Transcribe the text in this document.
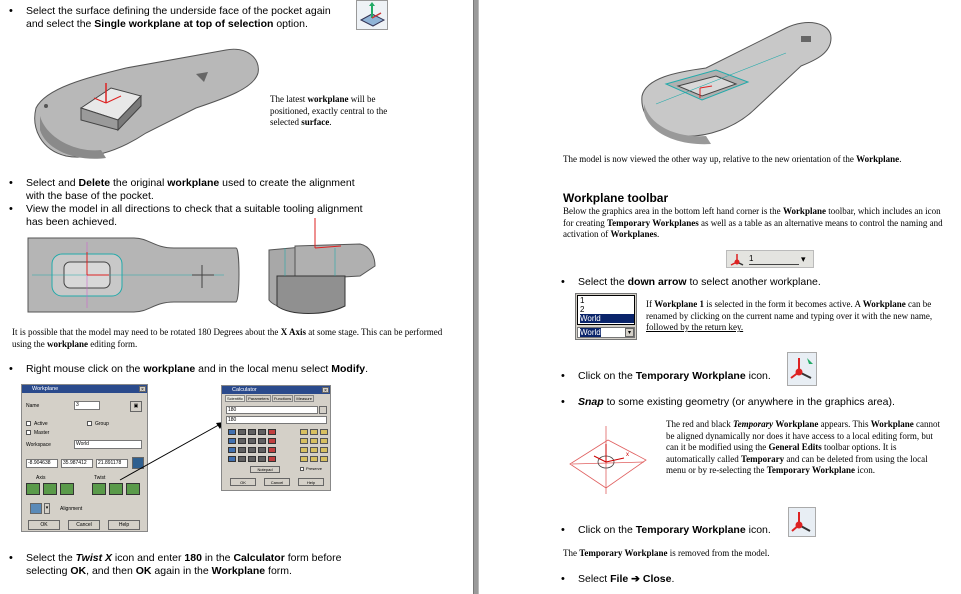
• Select the surface defining the underside face of the pocket again
and select the Single workplane at top of selection option.
The latest workplane will be positioned, exactly central to the selected surface.
• Select and Delete the original workplane used to create the alignment
with the base of the pocket.
• View the model in all directions to check that a suitable tooling alignment
has been achieved.
It is possible that the model may need to be rotated 180 Degrees about the X Axis at some stage. This can be performed using the workplane editing form.
• Right mouse click on the workplane and in the local menu select Modify.
Workplane	×
Name	3	▣
Active	Group
Master
Workspace	World
-8.904638	35.987412	21.891178
Axis	Twist
▾	Alignment
OK	Cancel	Help
Calculator	×
Scientific Parameters Functions Measure
180
180
Notepad	Preserve
OK	Cancel	Help
• Select the Twist X icon and enter 180 in the Calculator form before
selecting OK, and then OK again in the Workplane form.
The model is now viewed the other way up, relative to the new orientation of the Workplane.
Workplane toolbar
Below the graphics area in the bottom left hand corner is the Workplane toolbar, which includes an icon for creating Temporary Workplanes as well as a table as an alternative means to control the naming and activation of Workplanes.
1	▾
• Select the down arrow to select another workplane.
1
2
World
World	▾
If Workplane 1 is selected in the form it becomes active. A Workplane can be renamed by clicking on the current name and typing over it with the new name, followed by the return key.
• Click on the Temporary Workplane icon.
• Snap to some existing geometry (or anywhere in the graphics area).
x
The red and black Temporary Workplane appears. This Workplane cannot be aligned dynamically nor does it have access to a local editing form, but can it be modified using the General Edits toolbar options. It is automatically called Temporary and can be deleted from using the local menu or by re-selecting the Temporary Workplane icon.
• Click on the Temporary Workplane icon.
The Temporary Workplane is removed from the model.
• Select File ➔ Close.
